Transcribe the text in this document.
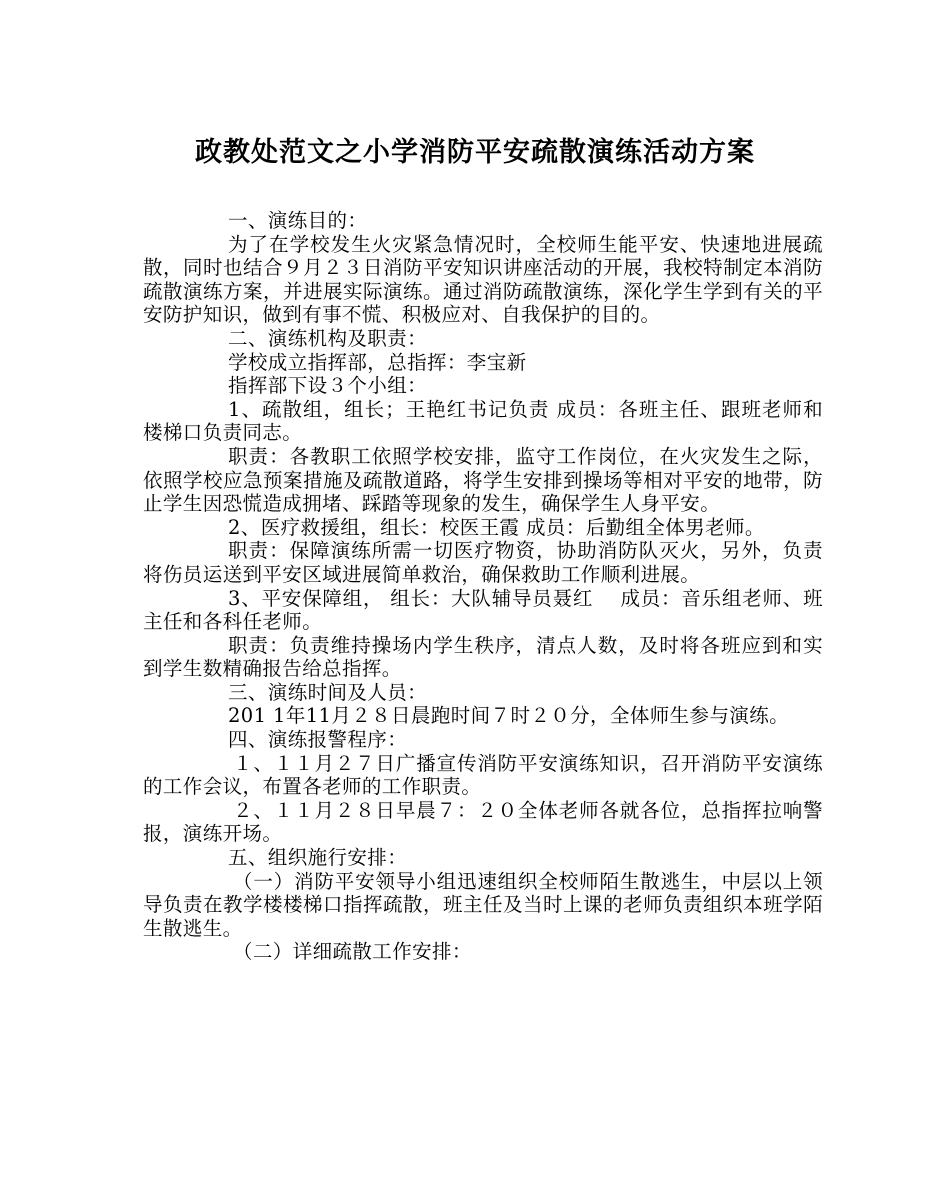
政教处范文之小学消防平安疏散演练活动方案

一、演练目的：

为了在学校发生火灾紧急情况时，全校师生能平安、快速地进展疏散，同时也结合９月２３日消防平安知识讲座活动的开展，我校特制定本消防疏散演练方案，并进展实际演练。通过消防疏散演练，深化学生学到有关的平安防护知识，做到有事不慌、积极应对、自我保护的目的。

二、演练机构及职责：

学校成立指挥部，总指挥：李宝新

指挥部下设３个小组：

1、疏散组，组长；王艳红书记负责 成员：各班主任、跟班老师和楼梯口负责同志。

职责：各教职工依照学校安排，监守工作岗位，在火灾发生之际，依照学校应急预案措施及疏散道路，将学生安排到操场等相对平安的地带，防止学生因恐慌造成拥堵、踩踏等现象的发生，确保学生人身平安。

2、医疗救援组，组长：校医王霞 成员：后勤组全体男老师。

职责：保障演练所需一切医疗物资，协助消防队灭火，另外，负责将伤员运送到平安区域进展简单救治，确保救助工作顺利进展。

3、平安保障组， 组长：大队辅导员聂红　 成员：音乐组老师、班主任和各科任老师。

职责：负责维持操场内学生秩序，清点人数，及时将各班应到和实到学生数精确报告给总指挥。

三、演练时间及人员：

201 1年11月２８日晨跑时间７时２０分，全体师生参与演练。

四、演练报警程序：

１、１１月２７日广播宣传消防平安演练知识，召开消防平安演练的工作会议，布置各老师的工作职责。

２、１１月２８日早晨７：２０全体老师各就各位，总指挥拉响警报，演练开场。

五、组织施行安排：

（一）消防平安领导小组迅速组织全校师陌生散逃生，中层以上领导负责在教学楼楼梯口指挥疏散，班主任及当时上课的老师负责组织本班学陌生散逃生。

（二）详细疏散工作安排：
